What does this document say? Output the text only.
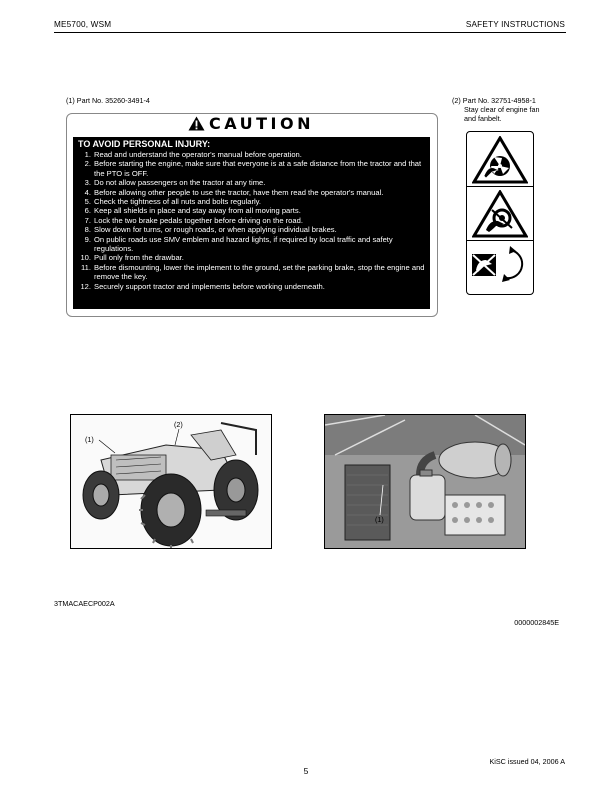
ME5700, WSM	SAFETY INSTRUCTIONS
(1) Part No. 35260-3491-4
CAUTION
TO AVOID PERSONAL INJURY:
1. Read and understand the operator's manual before operation.
2. Before starting the engine, make sure that everyone is at a safe distance from the tractor and that the PTO is OFF.
3. Do not allow passengers on the tractor at any time.
4. Before allowing other people to use the tractor, have them read the operator's manual.
5. Check the tightness of all nuts and bolts regularly.
6. Keep all shields in place and stay away from all moving parts.
7. Lock the two brake pedals together before driving on the road.
8. Slow down for turns, or rough roads, or when applying individual brakes.
9. On public roads use SMV emblem and hazard lights, if required by local traffic and safety regulations.
10. Pull only from the drawbar.
11. Before dismounting, lower the implement to the ground, set the parking brake, stop the engine and remove the key.
12. Securely support tractor and implements before working underneath.
(2) Part No. 32751-4958-1
Stay clear of engine fan
and fanbelt.
(1)
(2)
(1)
3TMACAECP002A
0000002845E
KiSC issued 04, 2006 A
5
